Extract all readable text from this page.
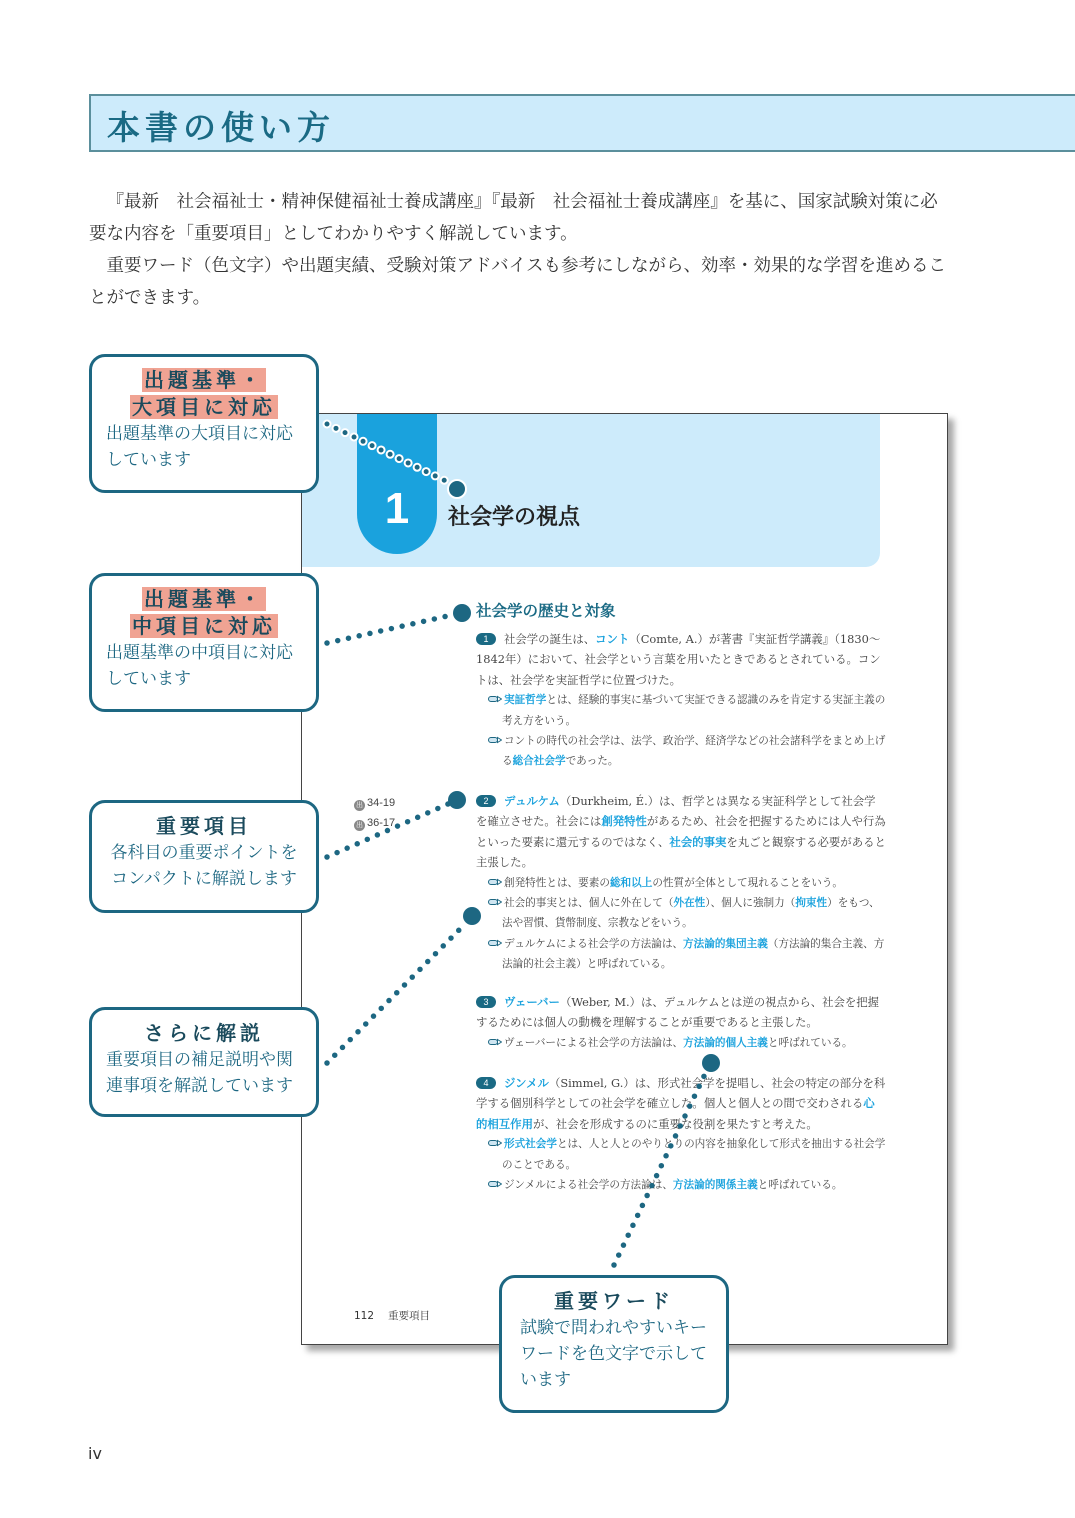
本書の使い方

『最新　社会福祉士・精神保健福祉士養成講座』『最新　社会福祉士養成講座』を基に、国家試験対策に必要な内容を「重要項目」としてわかりやすく解説しています。

重要ワード（色文字）や出題実績、受験対策アドバイスも参考にしながら、効率・効果的な学習を進めることができます。

1	社会学の視点
社会学の歴史と対象
出 34-19
出 36-17
1 社会学の誕生は、コント（Comte, A.）が著書『実証哲学講義』（1830～1842年）において、社会学という言葉を用いたときであるとされている。コントは、社会学を実証哲学に位置づけた。
実証哲学とは、経験的事実に基づいて実証できる認識のみを肯定する実証主義の考え方をいう。
コントの時代の社会学は、法学、政治学、経済学などの社会諸科学をまとめ上げる総合社会学であった。
2 デュルケム（Durkheim, É.）は、哲学とは異なる実証科学として社会学を確立させた。社会には創発特性があるため、社会を把握するためには人や行為といった要素に還元するのではなく、社会的事実を丸ごと観察する必要があると主張した。
創発特性とは、要素の総和以上の性質が全体として現れることをいう。
社会的事実とは、個人に外在して（外在性）、個人に強制力（拘束性）をもつ、法や習慣、貨幣制度、宗教などをいう。
デュルケムによる社会学の方法論は、方法論的集団主義（方法論的集合主義、方法論的社会主義）と呼ばれている。
3 ヴェーバー（Weber, M.）は、デュルケムとは逆の視点から、社会を把握するためには個人の動機を理解することが重要であると主張した。
ヴェーバーによる社会学の方法論は、方法論的個人主義と呼ばれている。
4 ジンメル（Simmel, G.）は、形式社会学を提唱し、社会の特定の部分を科学する個別科学としての社会学を確立した。個人と個人との間で交わされる心的相互作用が、社会を形成するのに重要な役割を果たすと考えた。
形式社会学とは、人と人とのやりとりの内容を抽象化して形式を抽出する社会学のことである。
ジンメルによる社会学の方法論は、方法論的関係主義と呼ばれている。
112 重要項目
出題基準・
大項目に対応
出題基準の大項目に対応しています
出題基準・
中項目に対応
出題基準の中項目に対応しています
重要項目
各科目の重要ポイントをコンパクトに解説します
さらに解説
重要項目の補足説明や関連事項を解説しています
重要ワード
試験で問われやすいキーワードを色文字で示しています
iv
